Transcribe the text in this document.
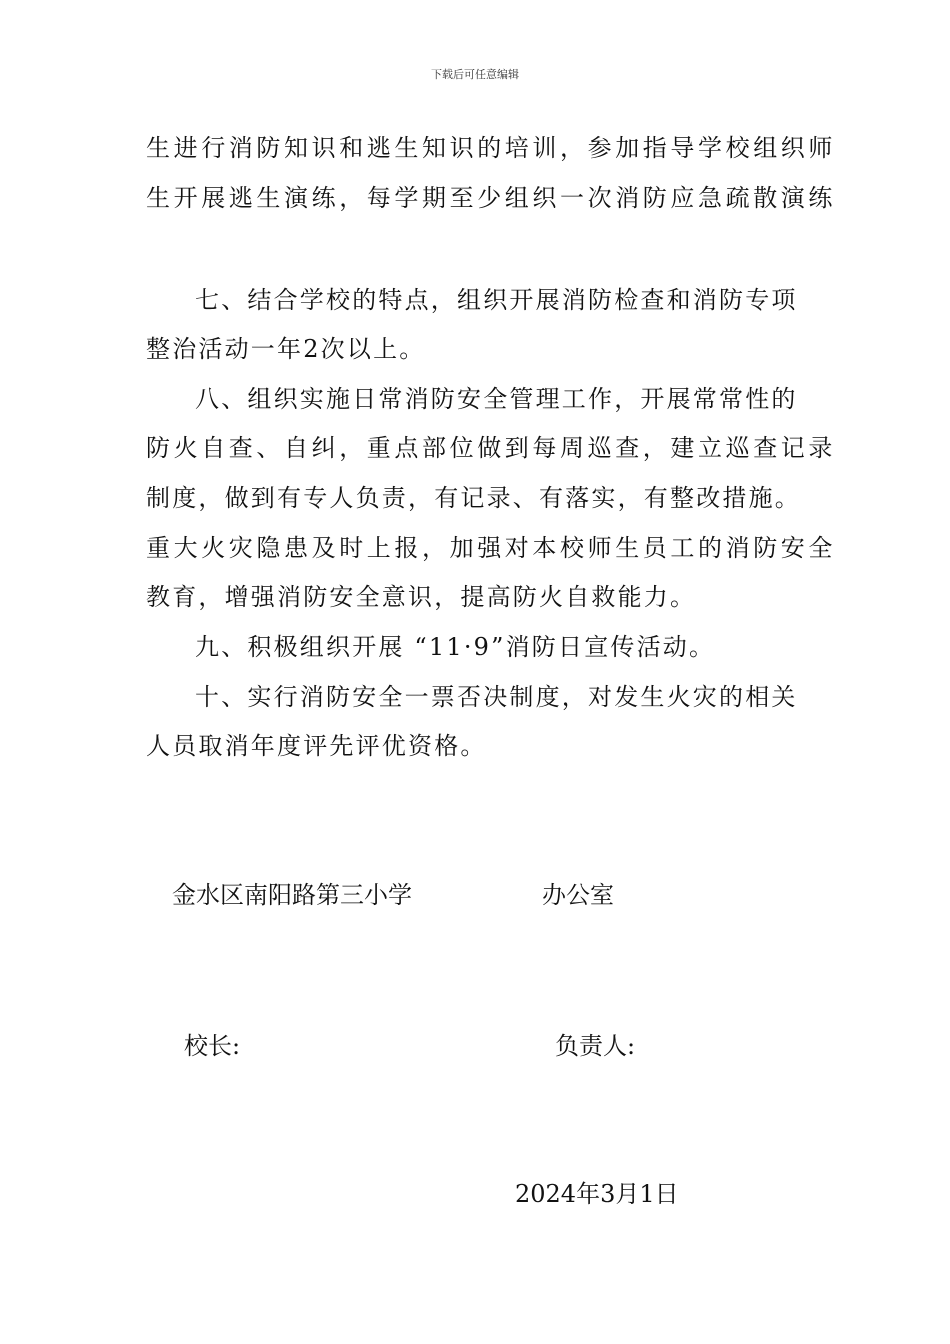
下载后可任意编辑
生进行消防知识和逃生知识的培训，参加指导学校组织师
生开展逃生演练，每学期至少组织一次消防应急疏散演练
七、结合学校的特点，组织开展消防检查和消防专项
整治活动一年2次以上。
八、组织实施日常消防安全管理工作，开展常常性的
防火自查、自纠，重点部位做到每周巡查，建立巡查记录
制度，做到有专人负责，有记录、有落实，有整改措施。
重大火灾隐患及时上报，加强对本校师生员工的消防安全
教育，增强消防安全意识，提高防火自救能力。
九、积极组织开展 “11·9”消防日宣传活动。
十、实行消防安全一票否决制度，对发生火灾的相关
人员取消年度评先评优资格。
金水区南阳路第三小学	办公室
校长:	负责人:
2024年3月1日
